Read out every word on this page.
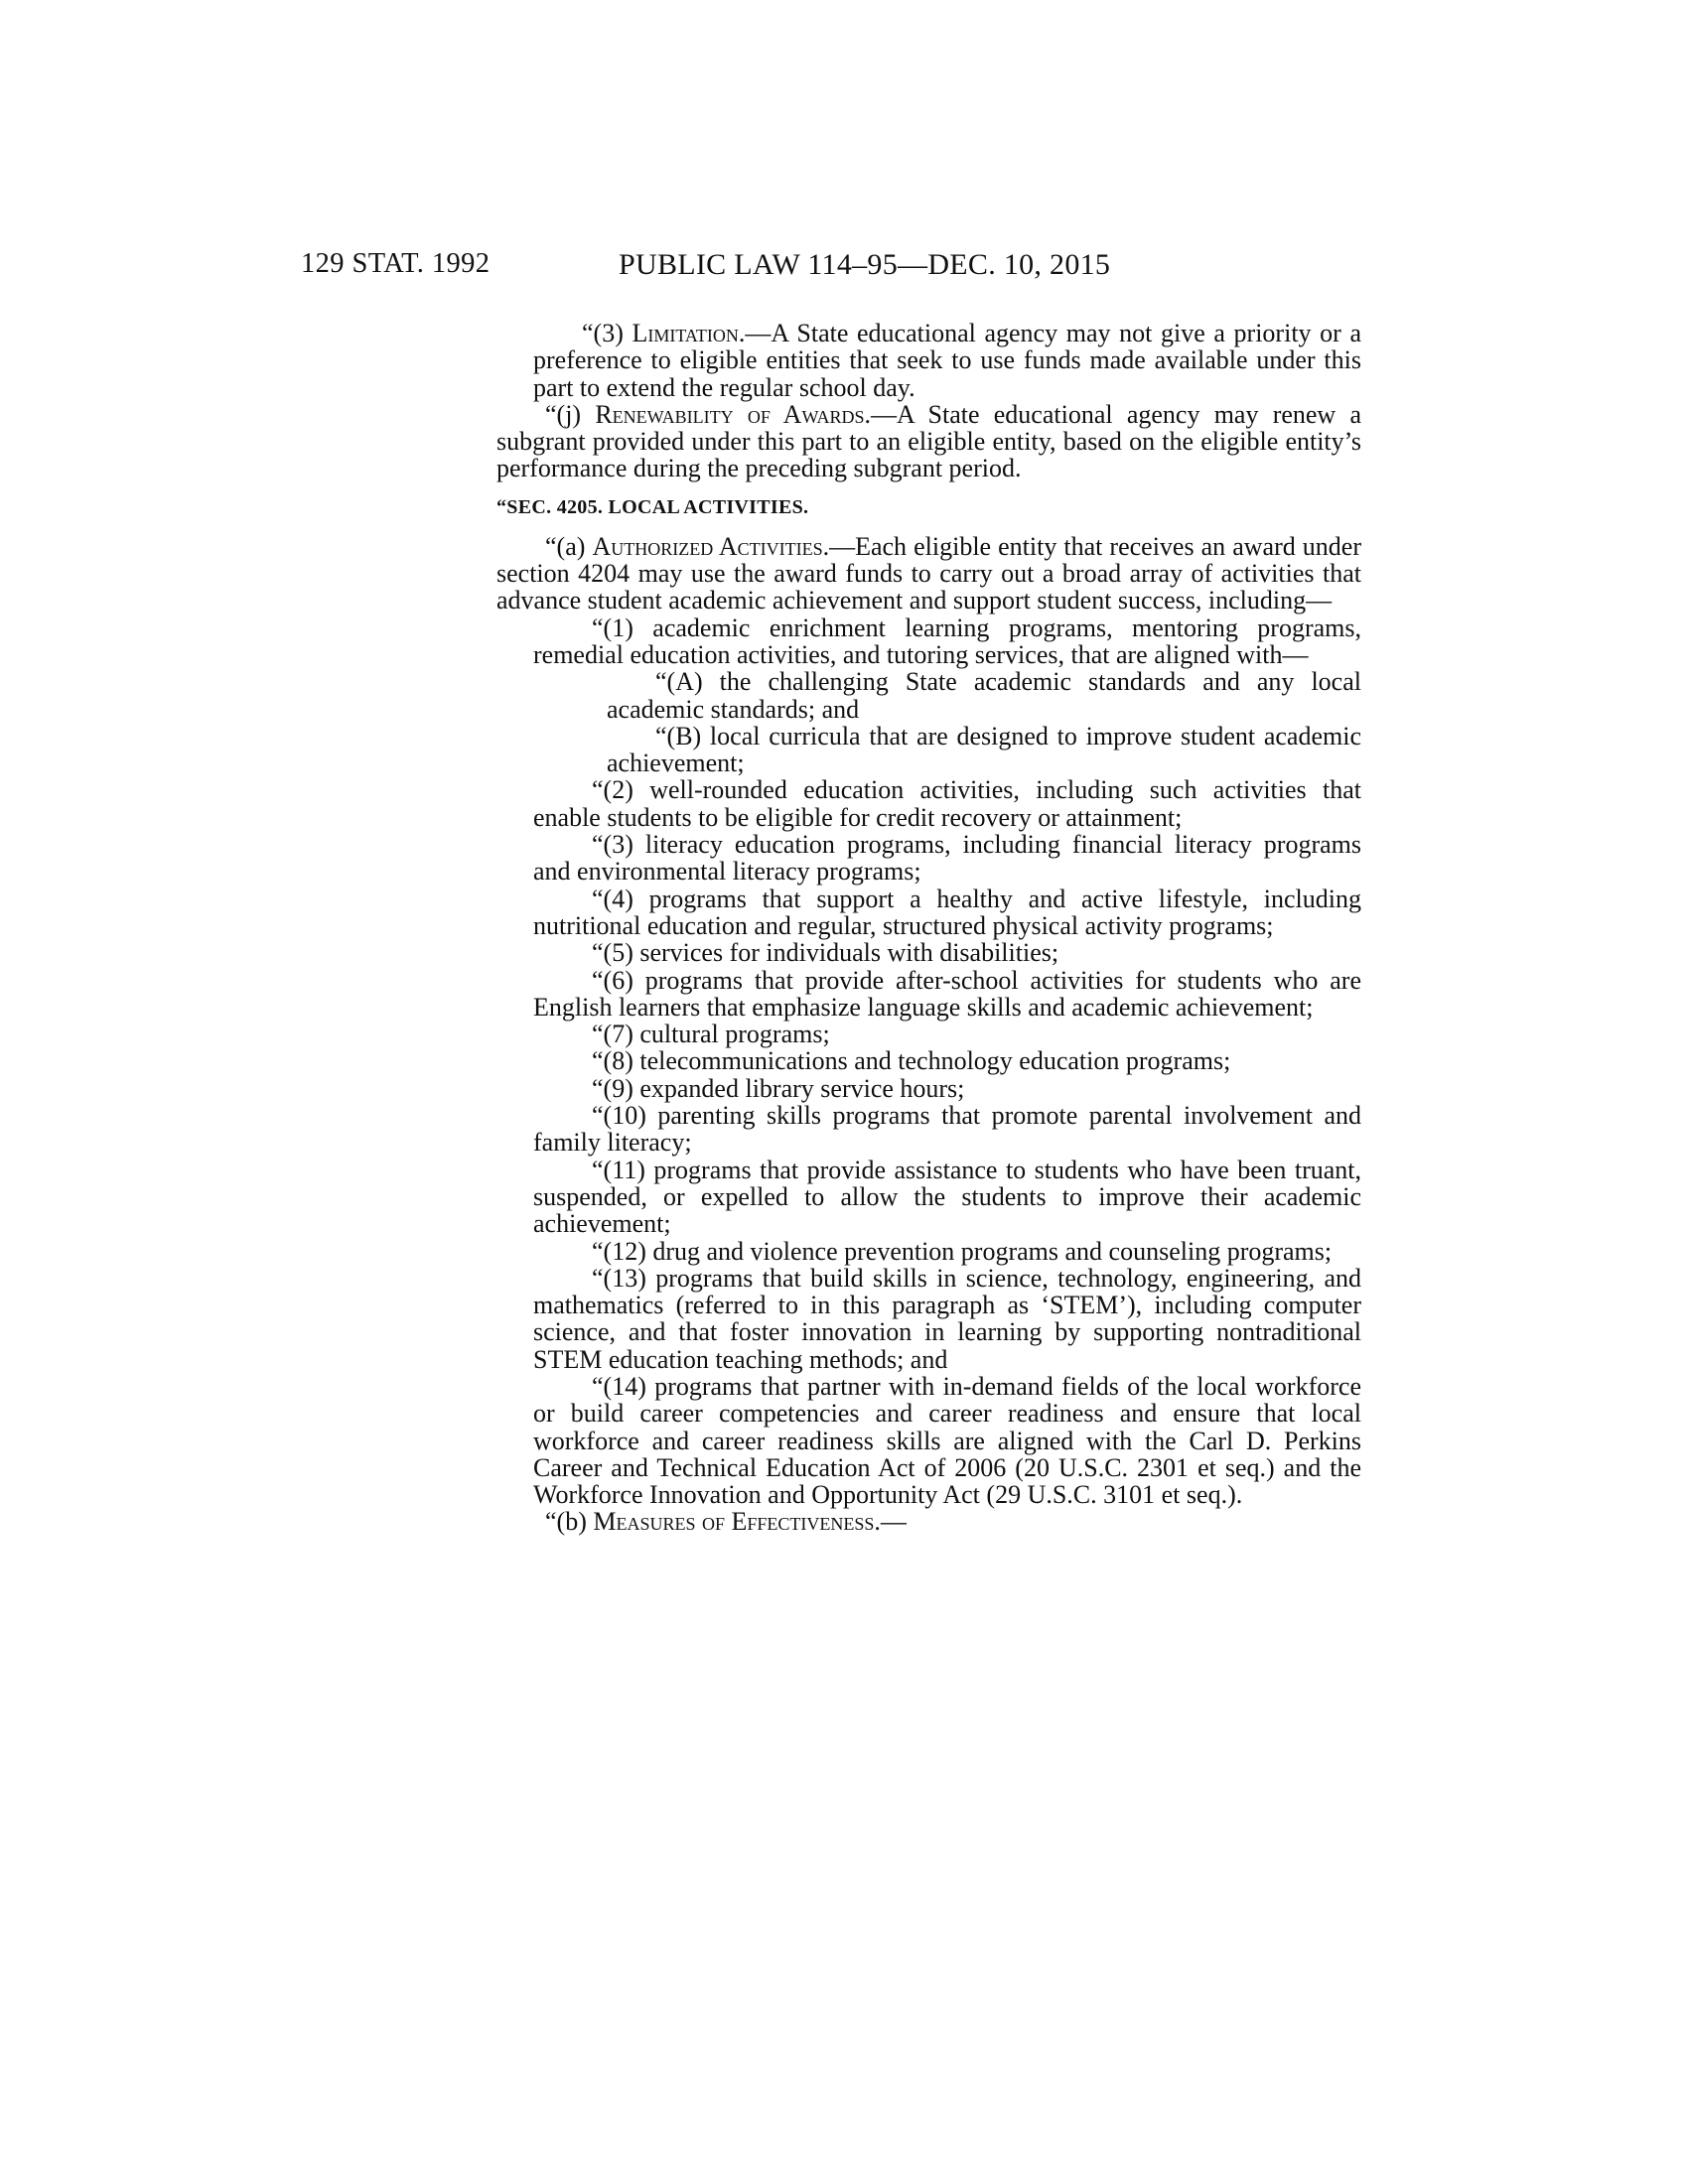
129 STAT. 1992	PUBLIC LAW 114–95—DEC. 10, 2015

“(3) Limitation.—A State educational agency may not give a priority or a preference to eligible entities that seek to use funds made available under this part to extend the regular school day.

“(j) Renewability of Awards.—A State educational agency may renew a subgrant provided under this part to an eligible entity, based on the eligible entity’s performance during the preceding subgrant period.

“SEC. 4205. LOCAL ACTIVITIES.

“(a) Authorized Activities.—Each eligible entity that receives an award under section 4204 may use the award funds to carry out a broad array of activities that advance student academic achievement and support student success, including—

“(1) academic enrichment learning programs, mentoring programs, remedial education activities, and tutoring services, that are aligned with—

“(A) the challenging State academic standards and any local academic standards; and

“(B) local curricula that are designed to improve student academic achievement;

“(2) well-rounded education activities, including such activities that enable students to be eligible for credit recovery or attainment;

“(3) literacy education programs, including financial literacy programs and environmental literacy programs;

“(4) programs that support a healthy and active lifestyle, including nutritional education and regular, structured physical activity programs;

“(5) services for individuals with disabilities;

“(6) programs that provide after-school activities for students who are English learners that emphasize language skills and academic achievement;

“(7) cultural programs;

“(8) telecommunications and technology education programs;

“(9) expanded library service hours;

“(10) parenting skills programs that promote parental involvement and family literacy;

“(11) programs that provide assistance to students who have been truant, suspended, or expelled to allow the students to improve their academic achievement;

“(12) drug and violence prevention programs and counseling programs;

“(13) programs that build skills in science, technology, engineering, and mathematics (referred to in this paragraph as ‘STEM’), including computer science, and that foster innovation in learning by supporting nontraditional STEM education teaching methods; and

“(14) programs that partner with in-demand fields of the local workforce or build career competencies and career readiness and ensure that local workforce and career readiness skills are aligned with the Carl D. Perkins Career and Technical Education Act of 2006 (20 U.S.C. 2301 et seq.) and the Workforce Innovation and Opportunity Act (29 U.S.C. 3101 et seq.).

“(b) Measures of Effectiveness.—
